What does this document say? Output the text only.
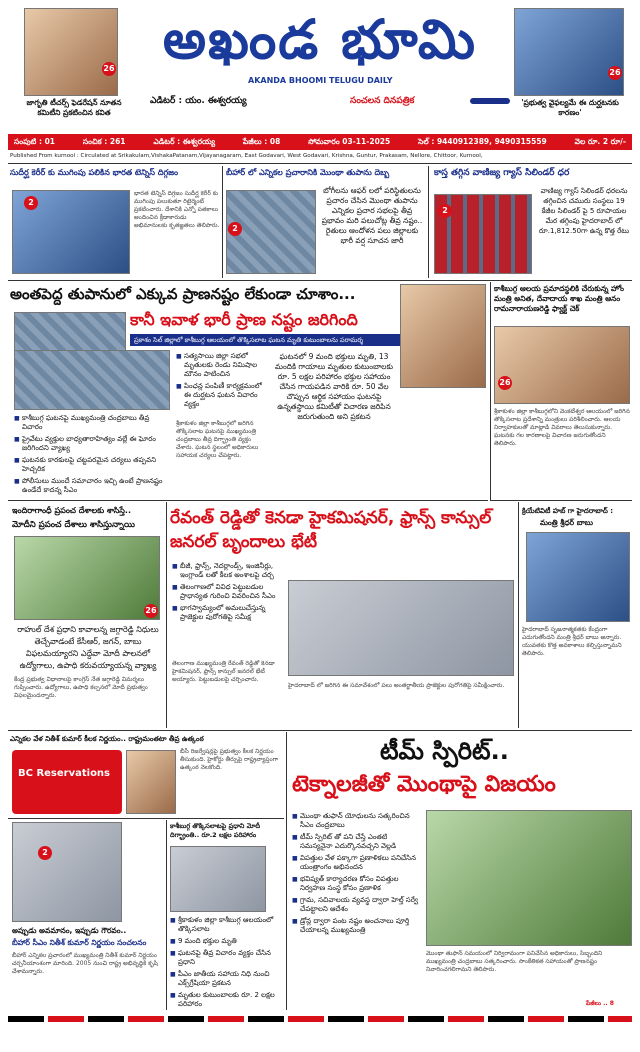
26
జాగృతి టీచర్స్ ఫెడరేషన్ నూతన కమిటీని ప్రకటించిన కవిత
అఖండ భూమి
AKANDA BHOOMI TELUGU DAILY
ఎడిటర్ : యం. ఈశ్వరయ్య	సంచలన దినపత్రిక
26
'ప్రభుత్వ వైఫల్యమే ఈ దుర్ఘటనకు కారణం'
సంపుటి : 01	సంచిక : 261	ఎడిటర్ : ఈశ్వరయ్య	పేజీలు : 08	సోమవారం 03-11-2025	సెల్ : 9440912389, 9490315559	వెల రూ. 2 రూ/-
Published From kurnool : Circulated at Srikakulam,VishakaPatanam,Vijayanagaram, East Godavari, West Godavari, Krishna, Guntur, Prakasam, Nellore, Chittoor, Kurnool,
సుదీర్ఘ కెరీర్ కు ముగింపు పలికిన భారత టెన్నిస్ దిగ్గజం
2
భారత టెన్నిస్ దిగ్గజం సుదీర్ఘ కెరీర్ కు ముగింపు పలుకుతూ రిటైర్మెంట్ ప్రకటించారు. దేశానికి ఎన్నో పతకాలు అందించిన క్రీడాకారుడు అభిమానులకు కృతజ్ఞతలు తెలిపారు.
బీహార్ లో ఎన్నికల ప్రచారానికి మొంథా తుపాను దెబ్బ
2
బోగీలను ఆఫర్ లలో పరిస్థితులను ప్రచారం చేసిన మొంథా తుపాను ఎన్నికల ప్రచార సభలపై తీవ్ర ప్రభావం మరి పలుచోట్ల తీవ్ర నష్టం.. రైతులు ఆందోళన పలు జిల్లాలకు భారీ వర్ష సూచన జారీ
కాస్త తగ్గిన వాణిజ్య గ్యాస్ సిలిండర్ ధర
2
వాణిజ్య గ్యాస్ సిలిండర్ ధరలను తగ్గించిన చమురు సంస్థలు 19 కేజీల సిలిండర్ పై 5 రూపాయల మేర తగ్గింపు హైదరాబాద్ లో రూ.1,812.50గా ఉన్న కొత్త రేటు
అంతపెద్ద తుపానులో ఎక్కువ ప్రాణనష్టం లేకుండా చూశాం...
కానీ ఇవాళ భారీ ప్రాణ నష్టం జరిగింది
ప్రకాశం సిల్ జిల్లాలో కాశీబుగ్గ ఆలయంలో తొక్కిసలాట ఘటన మృతి కుటుంబాలను పరామర్శ
■ సత్యసాయి జిల్లా సభలో మృతులకు రెండు నిమిషాల మౌనం పాటించిన
■ పింఛన్ల పంపిణీ కార్యక్రమంలో ఈ దుర్ఘటన ఘటన విచారం వ్యక్తం
ఘటనలో 9 మంది భక్తులు మృతి, 13 మందికి గాయాలు మృతుల కుటుంబాలకు రూ. 5 లక్షల పరిహారం భక్తుల సహాయం చేసిన గాయపడిన వారికి రూ. 50 వేల చొప్పున ఆర్థిక సహాయం ఘటనపై ఉన్నతస్థాయి కమిటీతో విచారణ జరిపిన జరుగుతుంది అని ప్రకటన
■ కాశీబుగ్గ ఘటనపై ముఖ్యమంత్రి చంద్రబాబు తీవ్ర విచారం
■ ప్రైవేటు వ్యక్తుల బాధ్యతారాహిత్యం వల్లే ఈ ఘోరం జరిగిందని వ్యాఖ్య
■ ఘటనకు కారకులపై చట్టపరమైన చర్యలు తప్పవని హెచ్చరిక
■ పోలీసులు ముందే సమాచారం ఇచ్చి ఉంటే ప్రాణనష్టం ఉండేదే కాదన్న సీఎం
శ్రీకాకుళం జిల్లా కాశీబుగ్గలో జరిగిన తొక్కిసలాట ఘటనపై ముఖ్యమంత్రి చంద్రబాబు తీవ్ర దిగ్భ్రాంతి వ్యక్తం చేశారు. ఘటన స్థలంలో అధికారులు సహాయక చర్యలు చేపట్టారు.
కాశీబుగ్గ ఆలయ ప్రమాదస్థలికి చేరుకున్న హోం మంత్రి అనిత, దేవాదాయ శాఖ మంత్రి ఆనం రామనారాయణరెడ్డి ఫ్యాక్ట్ చెక్
26
శ్రీకాకుళం జిల్లా కాశీబుగ్గలోని వెంకటేశ్వర ఆలయంలో జరిగిన తొక్కిసలాట ప్రదేశాన్ని మంత్రులు పరిశీలించారు. ఆలయ నిర్వాహకులతో మాట్లాడి వివరాలు తెలుసుకున్నారు. ఘటనకు గల కారణాలపై విచారణ జరుగుతోందని తెలిపారు.
ఇందిరాగాంధీ ప్రపంచ దేశాలకు శాసిస్తే..
మోదీని ప్రపంచ దేశాలు శాసిస్తున్నాయి
26
రాహుల్ దేశ ప్రధాని కావాలన్న జగ్గారెడ్డి నిధులు తెచ్చేవాడంటే కేసీఆర్, జగన్, బాబు విఫలమయ్యారని ఎద్దేవా మోదీ పాలనలో ఉద్యోగాలు, ఉపాధి కరువయ్యాయన్న వ్యాఖ్య
కేంద్ర ప్రభుత్వ విధానాలపై కాంగ్రెస్ నేత జగ్గారెడ్డి విమర్శలు గుప్పించారు. ఉద్యోగాలు, ఉపాధి కల్పనలో మోదీ ప్రభుత్వం విఫలమైందన్నారు.
రేవంత్ రెడ్డితో కెనడా హైకమిషనర్, ఫ్రాన్స్ కాన్సుల్ జనరల్ బృందాలు భేటీ
■ బీజీ, ఫ్రాన్స్, నెదర్లాండ్స్, ఇంజినీర్లు, ఇంగ్లాండ్ లతో కీలక అంశాలపై చర్చ
■ తెలంగాణలో వివిధ పెట్టుబడుల ప్రాధాన్యత గురించి వివరించిన సీఎం
■ భాగస్వామ్యంలో అమలుచేస్తున్న ప్రాజెక్టుల పురోగతిపై సమీక్ష
తెలంగాణ ముఖ్యమంత్రి రేవంత్ రెడ్డితో కెనడా హైకమిషనర్, ఫ్రాన్స్ కాన్సుల్ జనరల్ భేటీ అయ్యారు. పెట్టుబడులపై చర్చించారు.
హైదరాబాద్ లో జరిగిన ఈ సమావేశంలో పలు అంతర్జాతీయ ప్రాజెక్టుల పురోగతిపై సమీక్షించారు.
క్రియేటివిటీ హబ్ గా హైదరాబాద్ :
మంత్రి శ్రీధర్ బాబు
హైదరాబాద్ సృజనాత్మకతకు కేంద్రంగా ఎదుగుతోందని మంత్రి శ్రీధర్ బాబు అన్నారు. యువతకు కొత్త అవకాశాలు కల్పిస్తున్నామని తెలిపారు.
ఎన్నికల వేళ నితీశ్ కుమార్ కీలక నిర్ణయం.. రాష్ట్రమంతటా తీవ్ర ఉత్కంఠ
BC Reservations
బీసీ రిజర్వేషన్లపై ప్రభుత్వం కీలక నిర్ణయం తీసుకుంది. హైకోర్టు తీర్పుపై రాష్ట్రవ్యాప్తంగా ఉత్కంఠ నెలకొంది.
2
అప్పుడు అవమానం, ఇప్పుడు గౌరవం..
బీహార్ సీఎం నితీశ్ కుమార్ నిర్ణయం సంచలనం
బీహార్ ఎన్నికల ప్రచారంలో ముఖ్యమంత్రి నితీశ్ కుమార్ నిర్ణయం చర్చనీయాంశంగా మారింది. 2005 నుంచి రాష్ట్ర అభివృద్ధికి కృషి చేశామన్నారు.
కాశీబుగ్గ తొక్కిసలాటపై ప్రధాని మోదీ దిగ్భ్రాంతి.. రూ.2 లక్షల పరిహారం
■ శ్రీకాకుళం జిల్లా కాశీబుగ్గ ఆలయంలో తొక్కిసలాట
■ 9 మంది భక్తుల మృతి
■ ఘటనపై తీవ్ర విచారం వ్యక్తం చేసిన ప్రధాని
■ పీఎం జాతీయ సహాయ నిధి నుంచి ఎక్స్‌గ్రేషియా ప్రకటన
■ మృతుల కుటుంబాలకు రూ. 2 లక్షల పరిహారం
టీమ్ స్పిరిట్..
టెక్నాలజీతో మొంథాపై విజయం
■ మొంథా తుఫాన్ యోధులను సత్కరించిన సీఎం చంద్రబాబు
■ టీమ్ స్పిరిట్ తో పని చేస్తే ఎంతటి సమస్యనైనా ఎదుర్కొనవచ్చని వెల్లడి
■ విపత్తుల వేళ పక్కాగా ప్రణాళికలు పనిచేసిన యంత్రాంగం అభినందన
■ భవిష్యత్ కార్యాచరణ కోసం విపత్తుల నిర్వహణ సంస్థ కోసం ప్రణాళిక
■ గ్రామ, సచివాలయ వ్యవస్థ ద్వారా హెల్త్‌ సర్వే చేపట్టాలని ఆదేశం
■ డ్రోన్ల ద్వారా పంట నష్టం అంచనాలు పూర్తి చేయాలన్న ముఖ్యమంత్రి
మొంథా తుఫాన్ సమయంలో నిర్విరామంగా పనిచేసిన అధికారులు, సిబ్బందిని ముఖ్యమంత్రి చంద్రబాబు సత్కరించారు. సాంకేతికత సహాయంతో ప్రాణనష్టం నివారించగలిగామని తెలిపారు.
పేజీలు .. 8
